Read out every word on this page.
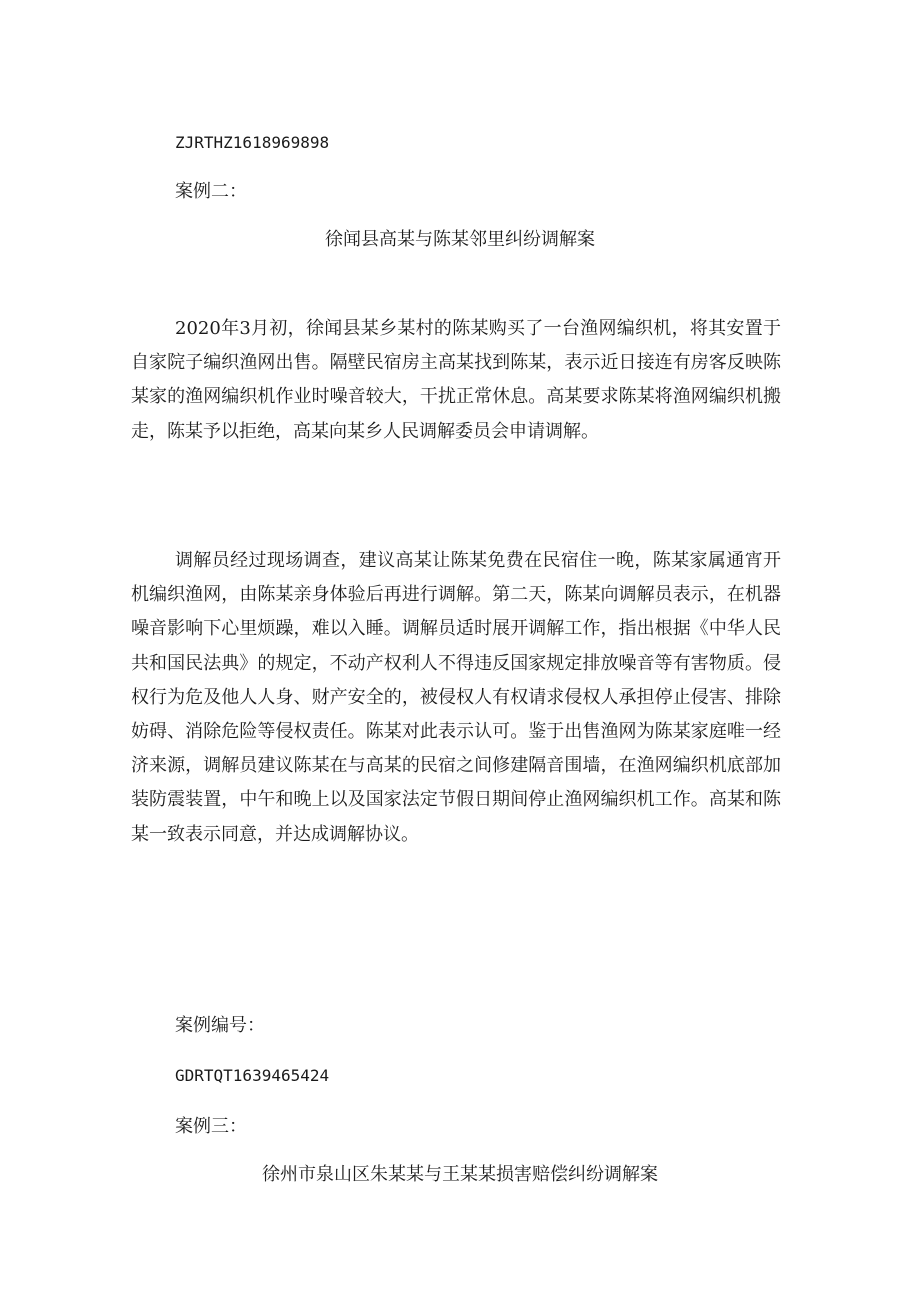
ZJRTHZ1618969898
案例二：
徐闻县高某与陈某邻里纠纷调解案

2020年3月初，徐闻县某乡某村的陈某购买了一台渔网编织机，将其安置于自家院子编织渔网出售。隔壁民宿房主高某找到陈某，表示近日接连有房客反映陈某家的渔网编织机作业时噪音较大，干扰正常休息。高某要求陈某将渔网编织机搬走，陈某予以拒绝，高某向某乡人民调解委员会申请调解。

调解员经过现场调查，建议高某让陈某免费在民宿住一晚，陈某家属通宵开机编织渔网，由陈某亲身体验后再进行调解。第二天，陈某向调解员表示，在机器噪音影响下心里烦躁，难以入睡。调解员适时展开调解工作，指出根据《中华人民共和国民法典》的规定，不动产权利人不得违反国家规定排放噪音等有害物质。侵权行为危及他人人身、财产安全的，被侵权人有权请求侵权人承担停止侵害、排除妨碍、消除危险等侵权责任。陈某对此表示认可。鉴于出售渔网为陈某家庭唯一经济来源，调解员建议陈某在与高某的民宿之间修建隔音围墙，在渔网编织机底部加装防震装置，中午和晚上以及国家法定节假日期间停止渔网编织机工作。高某和陈某一致表示同意，并达成调解协议。

案例编号：
GDRTQT1639465424
案例三：
徐州市泉山区朱某某与王某某损害赔偿纠纷调解案
